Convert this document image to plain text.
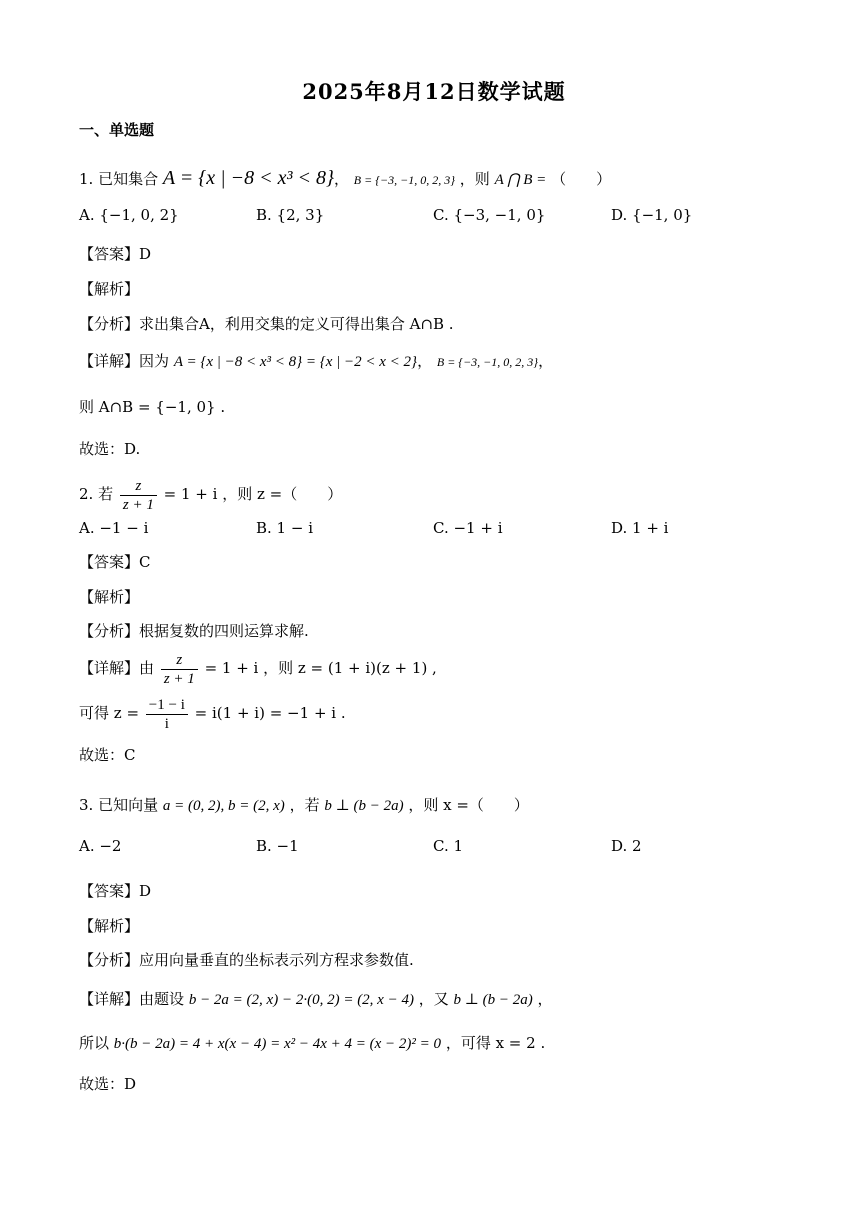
2025年8月12日数学试题
一、单选题
1. 已知集合 A = {x | −8 < x³ < 8}， B = {−3, −1, 0, 2, 3} ，则 A ⋂ B = （　　）
A. {−1, 0, 2}	B. {2, 3}	C. {−3, −1, 0}	D. {−1, 0}
【答案】D
【解析】
【分析】求出集合A，利用交集的定义可得出集合 A∩B .
【详解】因为 A = {x | −8 < x³ < 8} = {x | −2 < x < 2}， B = {−3, −1, 0, 2, 3}，
则 A∩B = {−1, 0} .
故选：D.
2. 若 $\frac{z}{z + 1} = 1 + i$ ，则 z =（　　）
A. −1 − i	B. 1 − i	C. −1 + i	D. 1 + i
【答案】C
【解析】
【分析】根据复数的四则运算求解.
【详解】由 $\frac{z}{z + 1} = 1 + i$ ，则 z = (1 + i)(z + 1) ,
可得 $z = \frac{-1 - i}{i} = i(1 + i) = -1 + i$ .
故选：C
3. 已知向量 a = (0, 2), b = (2, x) ，若 b ⊥ (b − 2a) ，则 x =（　　）
A. −2	B. −1	C. 1	D. 2
【答案】D
【解析】
【分析】应用向量垂直的坐标表示列方程求参数值.
【详解】由题设 b − 2a = (2, x) − 2·(0, 2) = (2, x − 4) ，又 b ⊥ (b − 2a) ，
所以 b·(b − 2a) = 4 + x(x − 4) = x² − 4x + 4 = (x − 2)² = 0 ，可得 x = 2 .
故选：D
